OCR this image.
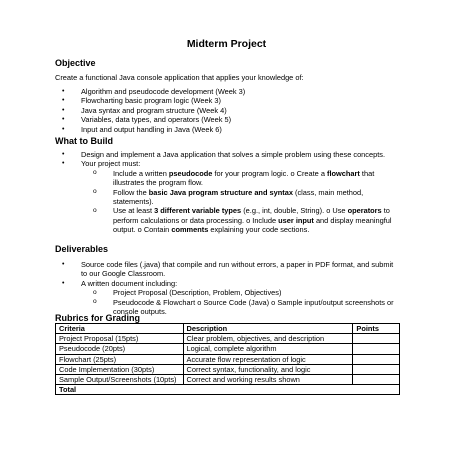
Midterm Project
Objective
Create a functional Java console application that applies your knowledge of:
• Algorithm and pseudocode development (Week 3)
• Flowcharting basic program logic (Week 3)
• Java syntax and program structure (Week 4)
• Variables, data types, and operators (Week 5)
• Input and output handling in Java (Week 6)
What to Build
• Design and implement a Java application that solves a simple problem using these concepts.
• Your project must:
o Include a written pseudocode for your program logic. o Create a flowchart that illustrates the program flow.
o Follow the basic Java program structure and syntax (class, main method, statements).
o Use at least 3 different variable types (e.g., int, double, String). o Use operators to perform calculations or data processing. o Include user input and display meaningful output. o Contain comments explaining your code sections.
Deliverables
• Source code files (.java) that compile and run without errors, a paper in PDF format, and submit to our Google Classroom.
• A written document including:
o Project Proposal (Description, Problem, Objectives)
o Pseudocode & Flowchart o Source Code (Java) o Sample input/output screenshots or console outputs.
Rubrics for Grading
Criteria	Description	Points
Project Proposal (15pts)	Clear problem, objectives, and description	
Pseudocode (20pts)	Logical, complete algorithm	
Flowchart (25pts)	Accurate flow representation of logic	
Code Implementation (30pts)	Correct syntax, functionality, and logic	
Sample Output/Screenshots (10pts)	Correct and working results shown	
Total		
